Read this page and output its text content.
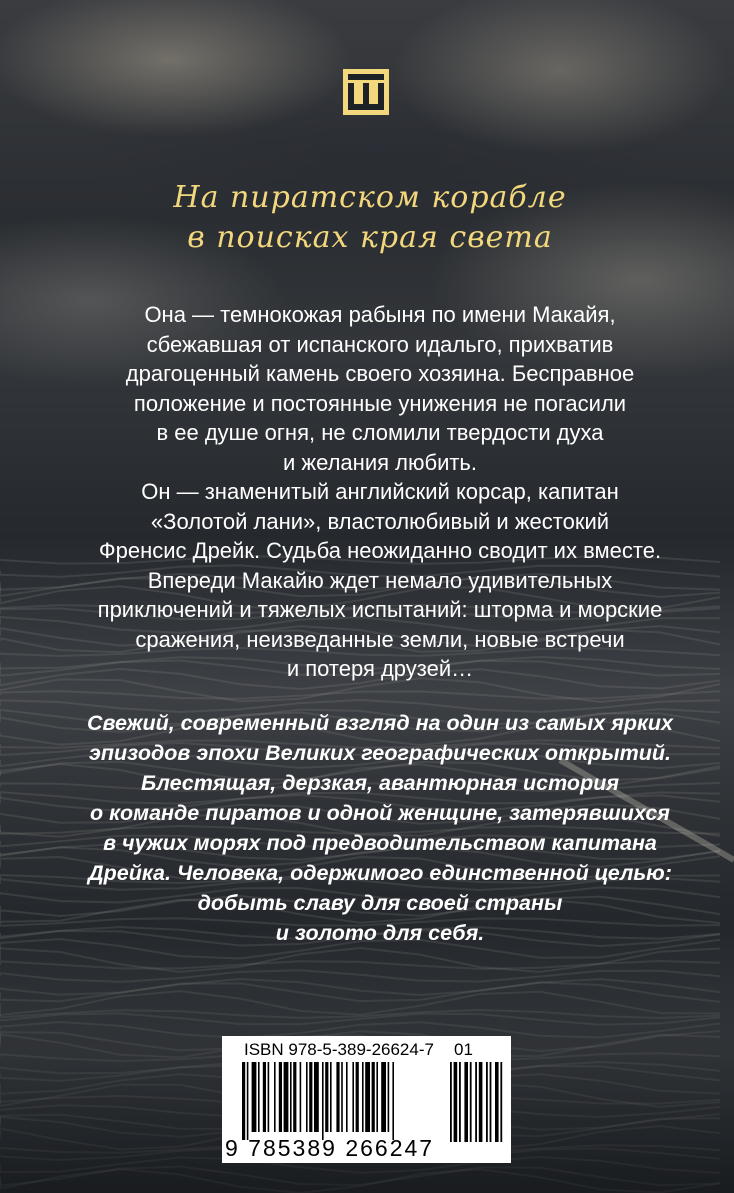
На пиратском корабле
в поисках края света

Она — темнокожая рабыня по имени Макайя,

сбежавшая от испанского идальго, прихватив

драгоценный камень своего хозяина. Бесправное

положение и постоянные унижения не погасили

в ее душе огня, не сломили твердости духа

и желания любить.

Он — знаменитый английский корсар, капитан

«Золотой лани», властолюбивый и жестокий

Френсис Дрейк. Судьба неожиданно сводит их вместе.

Впереди Макайю ждет немало удивительных

приключений и тяжелых испытаний: шторма и морские

сражения, неизведанные земли, новые встречи

и потеря друзей…

Свежий, современный взгляд на один из самых ярких

эпизодов эпохи Великих географических открытий.

Блестящая, дерзкая, авантюрная история

о команде пиратов и одной женщине, затерявшихся

в чужих морях под предводительством капитана

Дрейка. Человека, одержимого единственной целью:

добыть славу для своей страны

и золото для себя.

ISBN 978-5-389-26624-7	01
9 785389 266247
